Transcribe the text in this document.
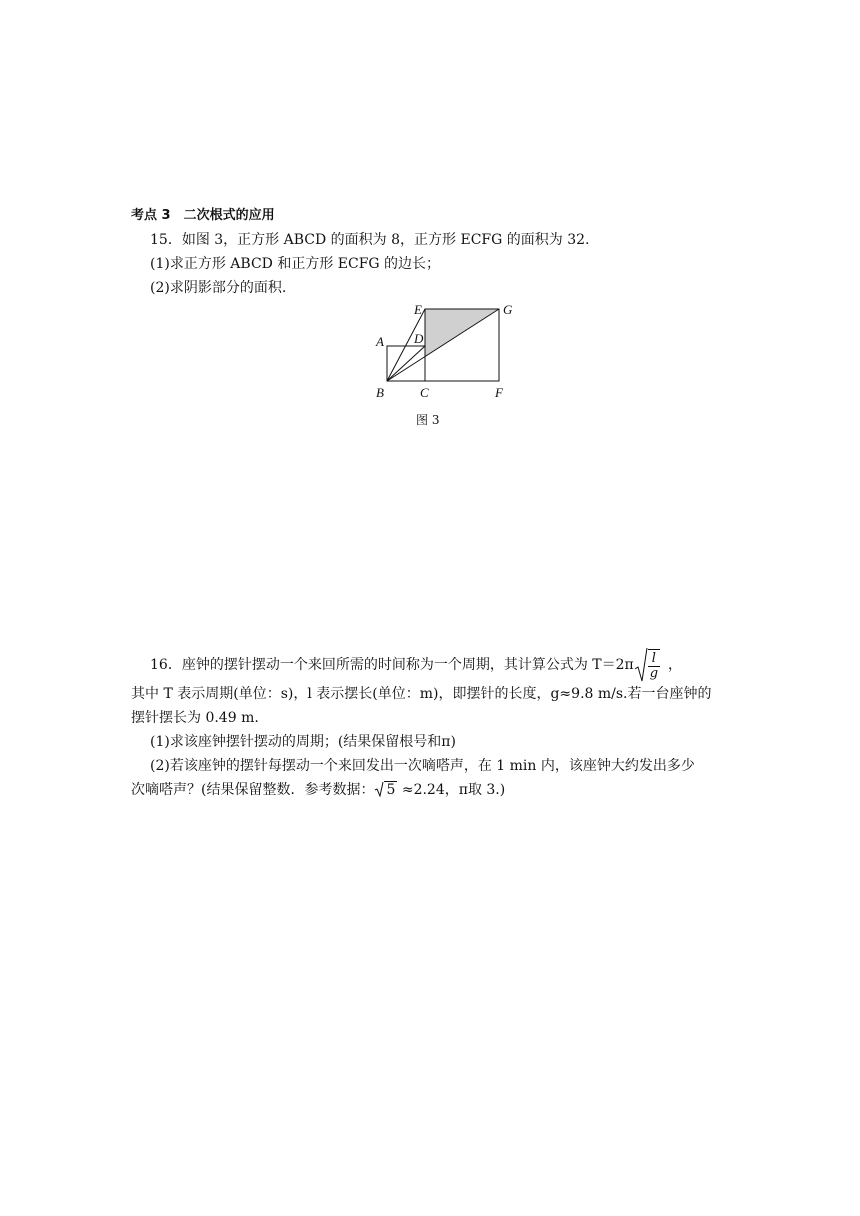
考点 3　二次根式的应用
15．如图 3，正方形 ABCD 的面积为 8，正方形 ECFG 的面积为 32.
(1)求正方形 ABCD 和正方形 ECFG 的边长；
(2)求阴影部分的面积.
A
B	C
D
E
F
G
图 3
16．座钟的摆针摆动一个来回所需的时间称为一个周期，其计算公式为 $T=2\pi \frac{l}{g}$ ，
其中 T 表示周期(单位：s)，l 表示摆长(单位：m)，即摆针的长度，g≈9.8 m/s.若一台座钟的
摆针摆长为 0.49 m.
(1)求该座钟摆针摆动的周期；(结果保留根号和π)
(2)若该座钟的摆针每摆动一个来回发出一次嘀嗒声，在 1 min 内，该座钟大约发出多少
次嘀嗒声？(结果保留整数．参考数据： 5 ≈2.24，π取 3.)
